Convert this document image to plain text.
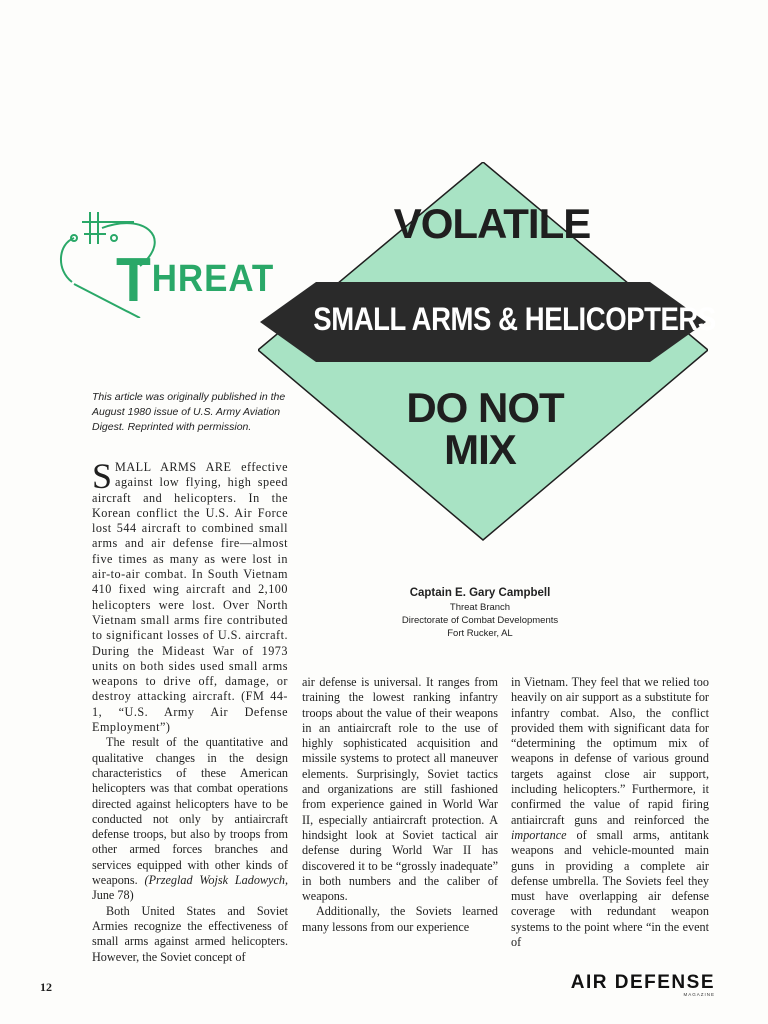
THREAT
VOLATILE
SMALL ARMS & HELICOPTERS
DO NOT
MIX
This article was originally published in the August 1980 issue of U.S. Army Aviation Digest. Reprinted with permission.
Captain E. Gary Campbell
Threat Branch
Directorate of Combat Developments
Fort Rucker, AL

SMALL ARMS ARE effective against low flying, high speed aircraft and helicopters. In the Korean conflict the U.S. Air Force lost 544 aircraft to combined small arms and air defense fire—almost five times as many as were lost in air-to-air combat. In South Vietnam 410 fixed wing aircraft and 2,100 helicopters were lost. Over North Vietnam small arms fire contributed to significant losses of U.S. aircraft. During the Mideast War of 1973 units on both sides used small arms weapons to drive off, damage, or destroy attacking aircraft. (FM 44-1, “U.S. Army Air Defense Employment”)

The result of the quantitative and qualitative changes in the design characteristics of these American helicopters was that combat operations directed against helicopters have to be conducted not only by antiaircraft defense troops, but also by troops from other armed forces branches and services equipped with other kinds of weapons. (Przeglad Wojsk Ladowych, June 78)

Both United States and Soviet Armies recognize the effectiveness of small arms against armed helicopters. However, the Soviet concept of

air defense is universal. It ranges from training the lowest ranking infantry troops about the value of their weapons in an antiaircraft role to the use of highly sophisticated acquisition and missile systems to protect all maneuver elements. Surprisingly, Soviet tactics and organizations are still fashioned from experience gained in World War II, especially antiaircraft protection. A hindsight look at Soviet tactical air defense during World War II has discovered it to be “grossly inadequate” in both numbers and the caliber of weapons.

Additionally, the Soviets learned many lessons from our experience

in Vietnam. They feel that we relied too heavily on air support as a substitute for infantry combat. Also, the conflict provided them with significant data for “determining the optimum mix of weapons in defense of various ground targets against close air support, including helicopters.” Furthermore, it confirmed the value of rapid firing antiaircraft guns and reinforced the importance of small arms, antitank weapons and vehicle-mounted main guns in providing a complete air defense umbrella. The Soviets feel they must have overlapping air defense coverage with redundant weapon systems to the point where “in the event of

12	AIR DEFENSE
MAGAZINE
